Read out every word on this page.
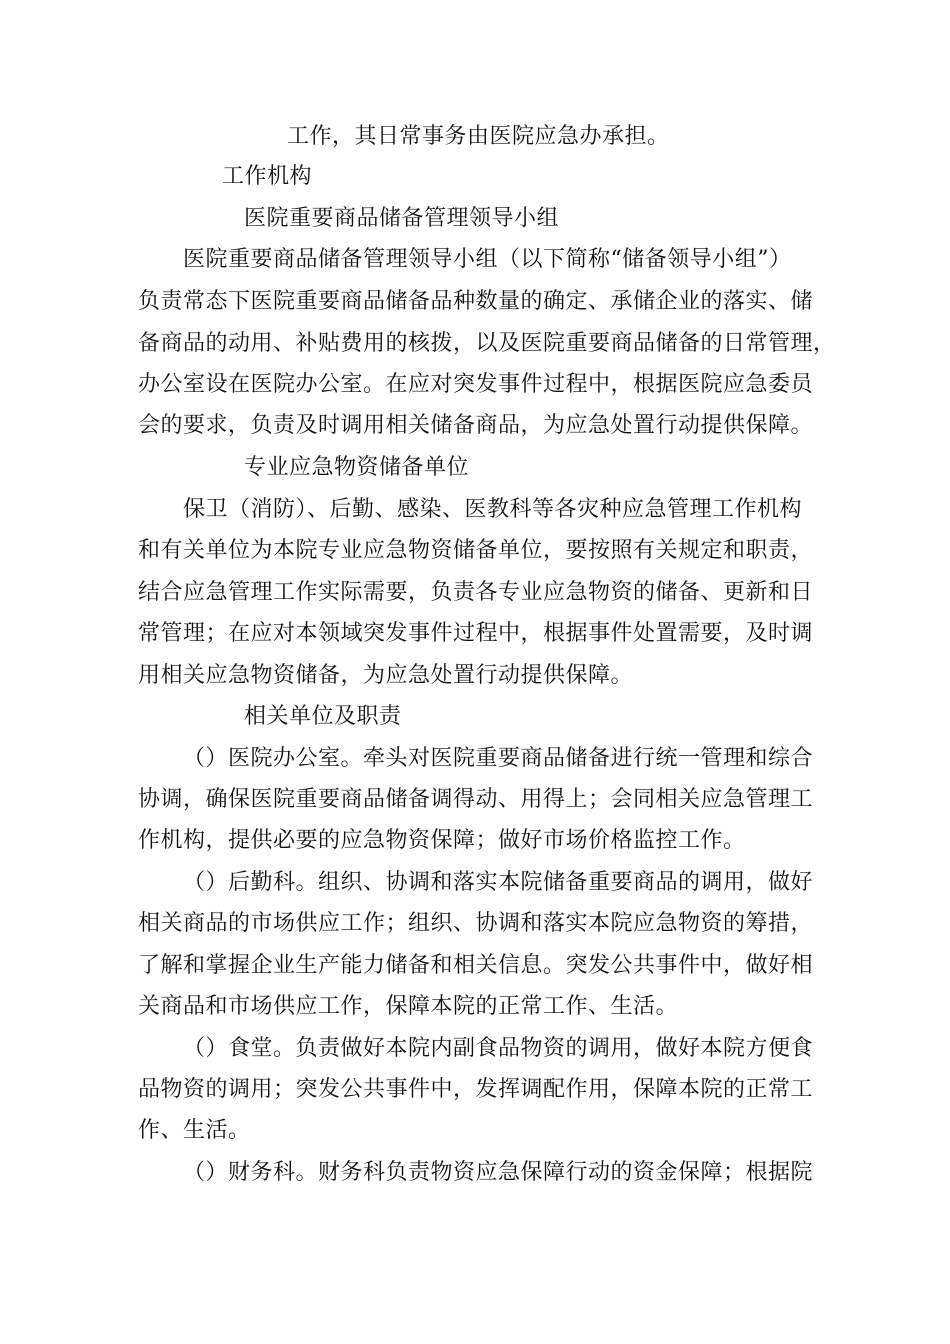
工作，其日常事务由医院应急办承担。
工作机构
医院重要商品储备管理领导小组
医院重要商品储备管理领导小组（以下简称“储备领导小组”）
负责常态下医院重要商品储备品种数量的确定、承储企业的落实、储
备商品的动用、补贴费用的核拨，以及医院重要商品储备的日常管理，
办公室设在医院办公室。在应对突发事件过程中，根据医院应急委员
会的要求，负责及时调用相关储备商品，为应急处置行动提供保障。
专业应急物资储备单位
保卫（消防）、后勤、感染、医教科等各灾种应急管理工作机构
和有关单位为本院专业应急物资储备单位，要按照有关规定和职责，
结合应急管理工作实际需要，负责各专业应急物资的储备、更新和日
常管理；在应对本领域突发事件过程中，根据事件处置需要，及时调
用相关应急物资储备，为应急处置行动提供保障。
相关单位及职责
（）医院办公室。牵头对医院重要商品储备进行统一管理和综合
协调，确保医院重要商品储备调得动、用得上；会同相关应急管理工
作机构，提供必要的应急物资保障；做好市场价格监控工作。
（）后勤科。组织、协调和落实本院储备重要商品的调用，做好
相关商品的市场供应工作；组织、协调和落实本院应急物资的筹措，
了解和掌握企业生产能力储备和相关信息。突发公共事件中，做好相
关商品和市场供应工作，保障本院的正常工作、生活。
（）食堂。负责做好本院内副食品物资的调用，做好本院方便食
品物资的调用；突发公共事件中，发挥调配作用，保障本院的正常工
作、生活。
（）财务科。财务科负责物资应急保障行动的资金保障；根据院
